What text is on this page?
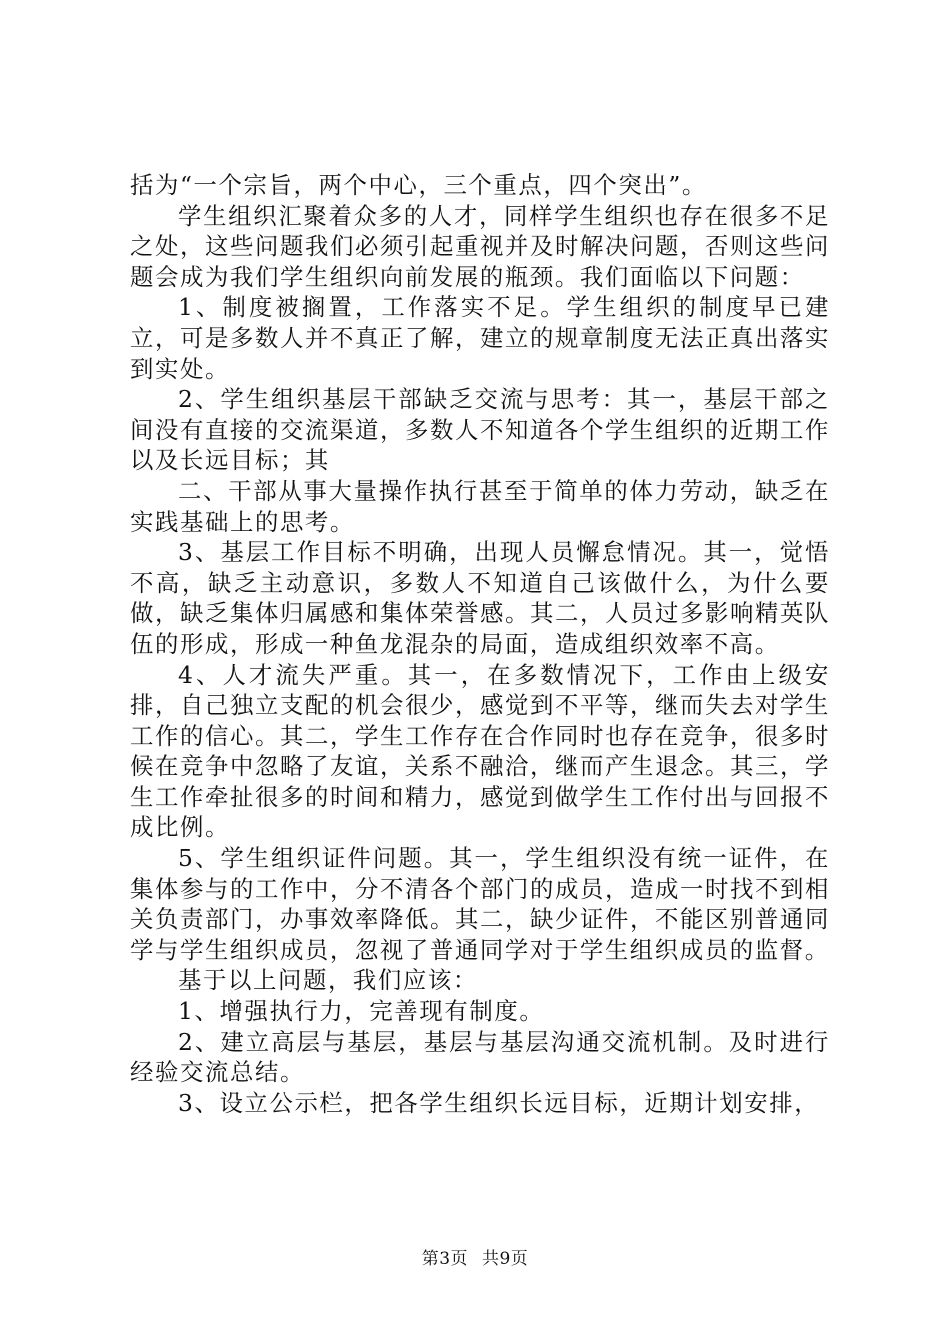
括为“一个宗旨，两个中心，三个重点，四个突出”。

学生组织汇聚着众多的人才，同样学生组织也存在很多不足之处，这些问题我们必须引起重视并及时解决问题，否则这些问题会成为我们学生组织向前发展的瓶颈。我们面临以下问题：

1、制度被搁置，工作落实不足。学生组织的制度早已建立，可是多数人并不真正了解，建立的规章制度无法正真出落实到实处。

2、学生组织基层干部缺乏交流与思考：其一，基层干部之间没有直接的交流渠道，多数人不知道各个学生组织的近期工作以及长远目标；其

二、干部从事大量操作执行甚至于简单的体力劳动，缺乏在实践基础上的思考。

3、基层工作目标不明确，出现人员懈怠情况。其一，觉悟不高，缺乏主动意识，多数人不知道自己该做什么，为什么要做，缺乏集体归属感和集体荣誉感。其二，人员过多影响精英队伍的形成，形成一种鱼龙混杂的局面，造成组织效率不高。

4、人才流失严重。其一，在多数情况下，工作由上级安排，自己独立支配的机会很少，感觉到不平等，继而失去对学生工作的信心。其二，学生工作存在合作同时也存在竞争，很多时候在竞争中忽略了友谊，关系不融洽，继而产生退念。其三，学生工作牵扯很多的时间和精力，感觉到做学生工作付出与回报不成比例。

5、学生组织证件问题。其一，学生组织没有统一证件，在集体参与的工作中，分不清各个部门的成员，造成一时找不到相关负责部门，办事效率降低。其二，缺少证件，不能区别普通同学与学生组织成员，忽视了普通同学对于学生组织成员的监督。

基于以上问题，我们应该：

1、增强执行力，完善现有制度。

2、建立高层与基层，基层与基层沟通交流机制。及时进行经验交流总结。

3、设立公示栏，把各学生组织长远目标，近期计划安排，

第3页 共9页
